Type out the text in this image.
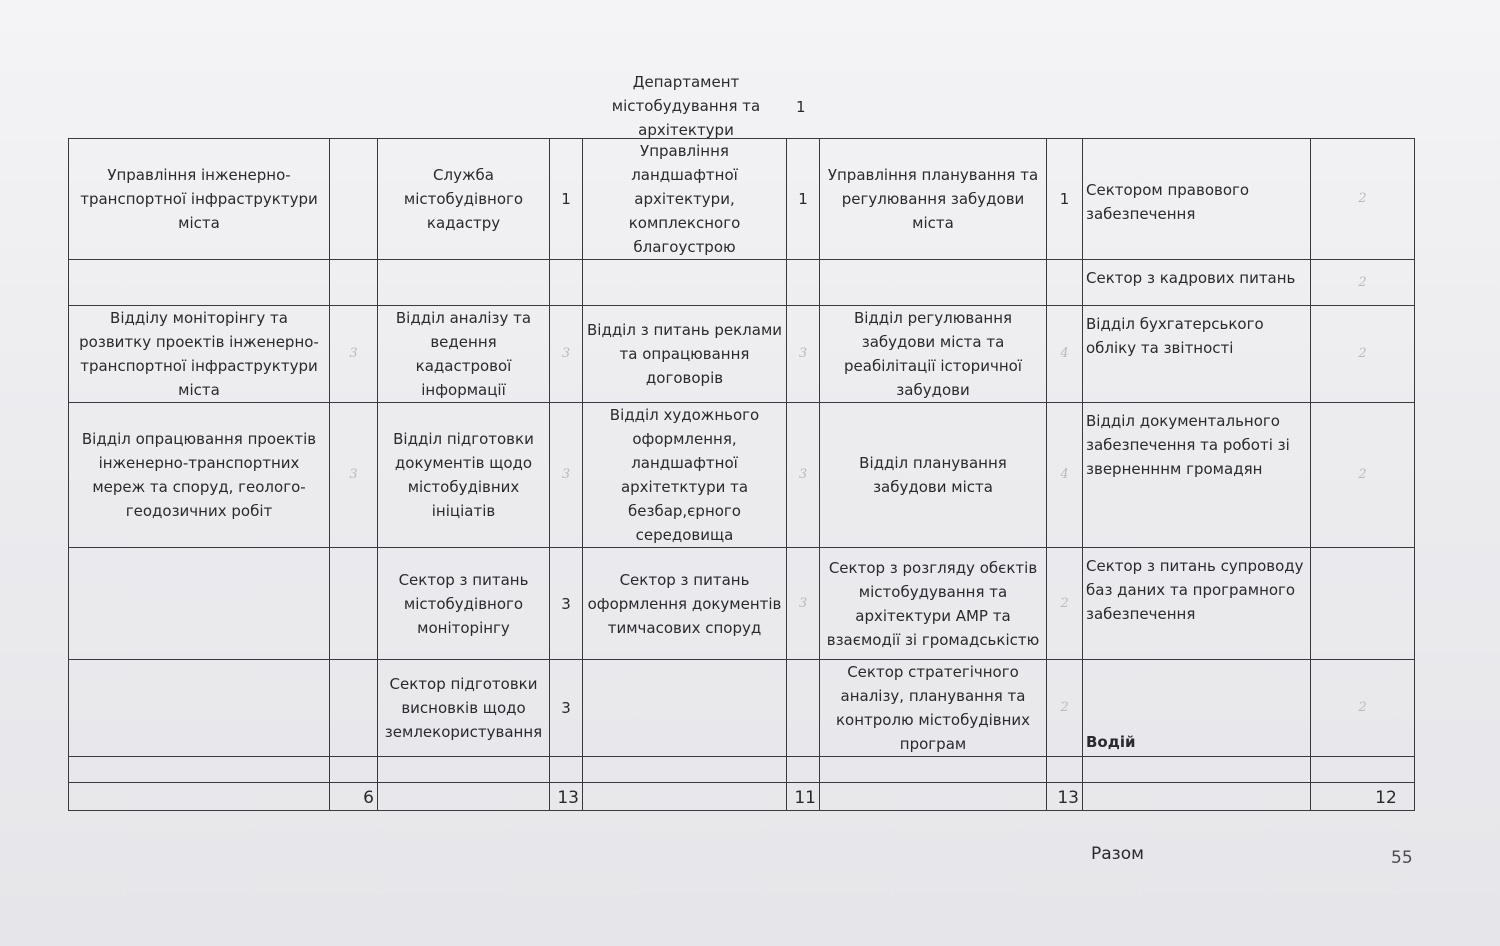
Департамент містобудування та архітектури
1
Управління інженерно-транспортної інфраструктури міста		Служба містобудівного кадастру	1	Управління ландшафтної архітектури, комплексного благоустрою	1	Управління планування та регулювання забудови міста	1	Сектором правового забезпечення	2
								Сектор з кадрових питань	2
Відділу моніторінгу та розвитку проектів інженерно-транспортної інфраструктури міста	3	Відділ аналізу та ведення кадастрової інформації	3	Відділ з питань реклами та опрацювання договорів	3	Відділ регулювання забудови міста та реабілітації історичної забудови	4	Відділ бухгатерського обліку та звітності	2
Відділ опрацювання проектів інженерно-транспортних мереж та споруд, геолого-геодозичних робіт	3	Відділ підготовки документів щодо містобудівних ініціатів	3	Відділ художнього оформлення, ландшафтної архітетктури та безбар,єрного середовища	3	Відділ планування забудови міста	4	Відділ документального забезпечення та роботі зі зверненннм громадян	2
		Сектор з питань містобудівного моніторінгу	3	Сектор з питань оформлення документів тимчасових споруд	3	Сектор з розгляду обєктів містобудування та архітектури АМР та взаємодії зі громадськістю	2	Сектор з питань супроводу баз даних та програмного забезпечення	
		Сектор підготовки висновків щодо землекористування	3			Сектор стратегічного аналізу, планування та контролю містобудівних програм	2	Водій	2

	6		13		11		13		12
Разом	55
